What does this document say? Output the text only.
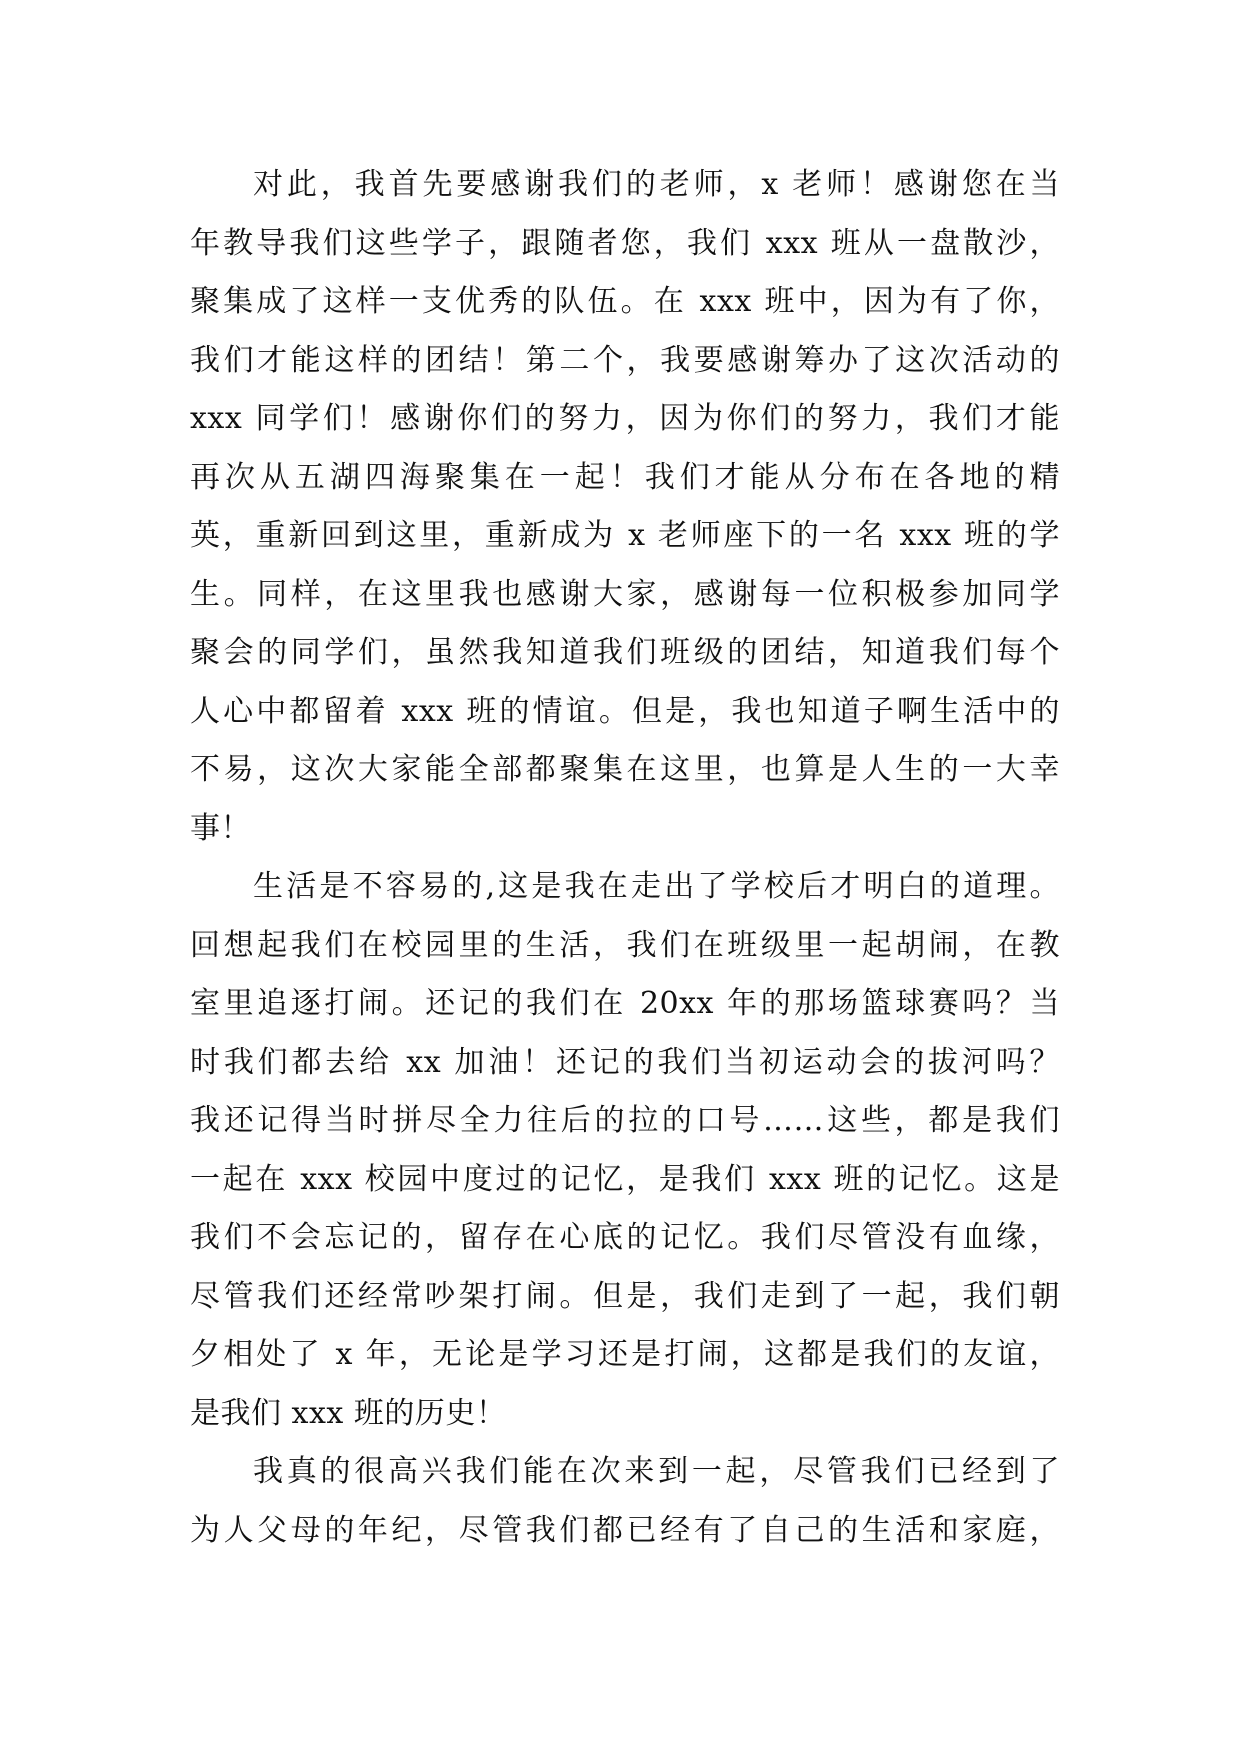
对此，我首先要感谢我们的老师，x 老师！感谢您在当
年教导我们这些学子，跟随者您，我们 xxx 班从一盘散沙，
聚集成了这样一支优秀的队伍。在 xxx 班中，因为有了你，
我们才能这样的团结！第二个，我要感谢筹办了这次活动的
xxx 同学们！感谢你们的努力，因为你们的努力，我们才能
再次从五湖四海聚集在一起！我们才能从分布在各地的精
英，重新回到这里，重新成为 x 老师座下的一名 xxx 班的学
生。同样，在这里我也感谢大家，感谢每一位积极参加同学
聚会的同学们，虽然我知道我们班级的团结，知道我们每个
人心中都留着 xxx 班的情谊。但是，我也知道子啊生活中的
不易，这次大家能全部都聚集在这里，也算是人生的一大幸
事！
生活是不容易的,这是我在走出了学校后才明白的道理。
回想起我们在校园里的生活，我们在班级里一起胡闹，在教
室里追逐打闹。还记的我们在 20xx 年的那场篮球赛吗？当
时我们都去给 xx 加油！还记的我们当初运动会的拔河吗？
我还记得当时拼尽全力往后的拉的口号……这些，都是我们
一起在 xxx 校园中度过的记忆，是我们 xxx 班的记忆。这是
我们不会忘记的，留存在心底的记忆。我们尽管没有血缘，
尽管我们还经常吵架打闹。但是，我们走到了一起，我们朝
夕相处了 x 年，无论是学习还是打闹，这都是我们的友谊，
是我们 xxx 班的历史！
我真的很高兴我们能在次来到一起，尽管我们已经到了
为人父母的年纪，尽管我们都已经有了自己的生活和家庭，
